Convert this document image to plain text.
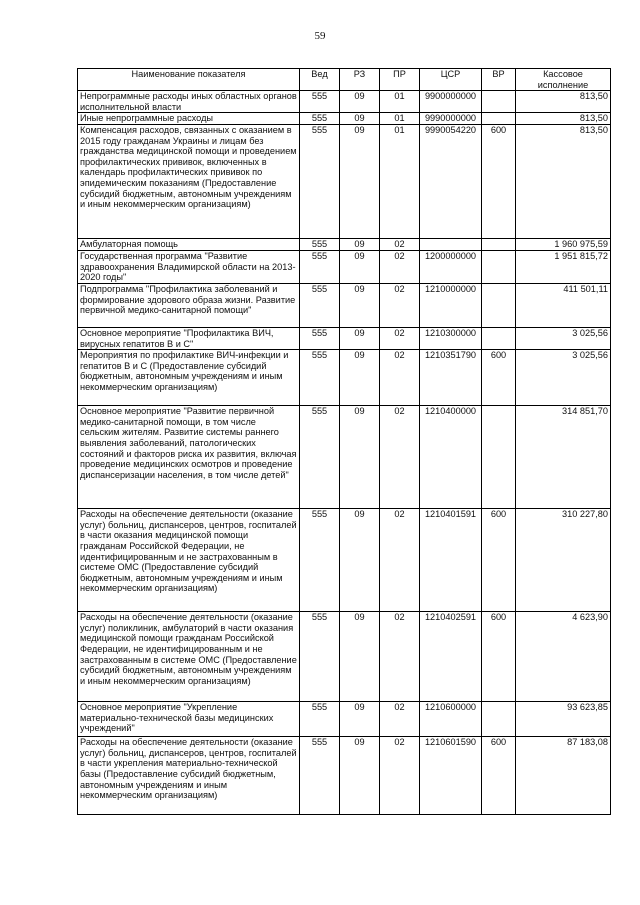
59
Наименование показателя	Вед	РЗ	ПР	ЦСР	ВР	Кассовое исполнение
Непрограммные расходы иных областных органов исполнительной власти	555	09	01	9900000000		813,50
Иные непрограммные расходы	555	09	01	9990000000		813,50
Компенсация расходов, связанных с оказанием в 2015 году гражданам Украины и лицам без гражданства медицинской помощи и проведением профилактических прививок, включенных в календарь профилактических прививок по эпидемическим показаниям (Предоставление субсидий бюджетным, автономным учреждениям и иным некоммерческим организациям)	555	09	01	9990054220	600	813,50
Амбулаторная помощь	555	09	02			1 960 975,59
Государственная программа "Развитие здравоохранения Владимирской области на 2013-2020 годы"	555	09	02	1200000000		1 951 815,72
Подпрограмма "Профилактика заболеваний и формирование здорового образа жизни. Развитие первичной медико-санитарной помощи"	555	09	02	1210000000		411 501,11
Основное мероприятие "Профилактика ВИЧ, вирусных гепатитов В и С"	555	09	02	1210300000		3 025,56
Мероприятия по профилактике ВИЧ-инфекции и гепатитов В и С (Предоставление субсидий бюджетным, автономным учреждениям и иным некоммерческим организациям)	555	09	02	1210351790	600	3 025,56
Основное мероприятие "Развитие первичной медико-санитарной помощи, в том числе сельским жителям. Развитие системы раннего выявления заболеваний, патологических состояний и факторов риска их развития, включая проведение медицинских осмотров и проведение диспансеризации населения, в том числе детей"	555	09	02	1210400000		314 851,70
Расходы на обеспечение деятельности (оказание услуг) больниц, диспансеров, центров, госпиталей в части оказания медицинской помощи гражданам Российской Федерации, не идентифицированным и не застрахованным в системе ОМС (Предоставление субсидий бюджетным, автономным учреждениям и иным некоммерческим организациям)	555	09	02	1210401591	600	310 227,80
Расходы на обеспечение деятельности (оказание услуг) поликлиник, амбулаторий в части оказания медицинской помощи гражданам Российской Федерации, не идентифицированным и не застрахованным в системе ОМС (Предоставление субсидий бюджетным, автономным учреждениям и иным некоммерческим организациям)	555	09	02	1210402591	600	4 623,90
Основное мероприятие "Укрепление материально-технической базы медицинских учреждений"	555	09	02	1210600000		93 623,85
Расходы на обеспечение деятельности (оказание услуг) больниц, диспансеров, центров, госпиталей в части укрепления материально-технической базы (Предоставление субсидий бюджетным, автономным учреждениям и иным некоммерческим организациям)	555	09	02	1210601590	600	87 183,08
